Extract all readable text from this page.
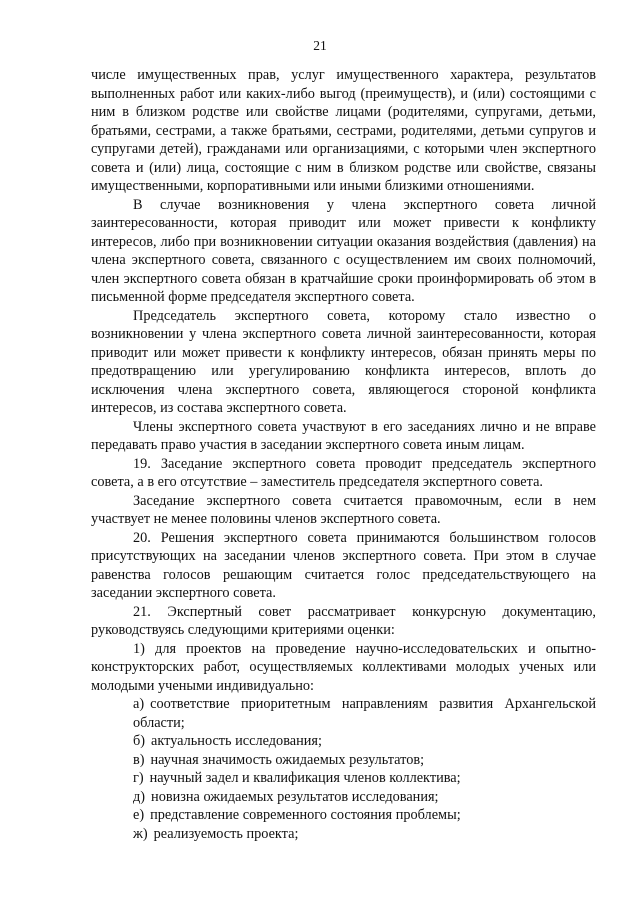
21

числе имущественных прав, услуг имущественного характера, результатов выполненных работ или каких-либо выгод (преимуществ), и (или) состоящими с ним в близком родстве или свойстве лицами (родителями, супругами, детьми, братьями, сестрами, а также братьями, сестрами, родителями, детьми супругов и супругами детей), гражданами или организациями, с которыми член экспертного совета и (или) лица, состоящие с ним в близком родстве или свойстве, связаны имущественными, корпоративными или иными близкими отношениями.

В случае возникновения у члена экспертного совета личной заинтересованности, которая приводит или может привести к конфликту интересов, либо при возникновении ситуации оказания воздействия (давления) на члена экспертного совета, связанного с осуществлением им своих полномочий, член экспертного совета обязан в кратчайшие сроки проинформировать об этом в письменной форме председателя экспертного совета.

Председатель экспертного совета, которому стало известно о возникновении у члена экспертного совета личной заинтересованности, которая приводит или может привести к конфликту интересов, обязан принять меры по предотвращению или урегулированию конфликта интересов, вплоть до исключения члена экспертного совета, являющегося стороной конфликта интересов, из состава экспертного совета.

Члены экспертного совета участвуют в его заседаниях лично и не вправе передавать право участия в заседании экспертного совета иным лицам.

19. Заседание экспертного совета проводит председатель экспертного совета, а в его отсутствие – заместитель председателя экспертного совета.

Заседание экспертного совета считается правомочным, если в нем участвует не менее половины членов экспертного совета.

20. Решения экспертного совета принимаются большинством голосов присутствующих на заседании членов экспертного совета. При этом в случае равенства голосов решающим считается голос председательствующего на заседании экспертного совета.

21. Экспертный совет рассматривает конкурсную документацию, руководствуясь следующими критериями оценки:

1) для проектов на проведение научно-исследовательских и опытно-конструкторских работ, осуществляемых коллективами молодых ученых или молодыми учеными индивидуально:

а) соответствие приоритетным направлениям развития Архангельской области;

б) актуальность исследования;

в) научная значимость ожидаемых результатов;

г) научный задел и квалификация членов коллектива;

д) новизна ожидаемых результатов исследования;

е) представление современного состояния проблемы;

ж) реализуемость проекта;
